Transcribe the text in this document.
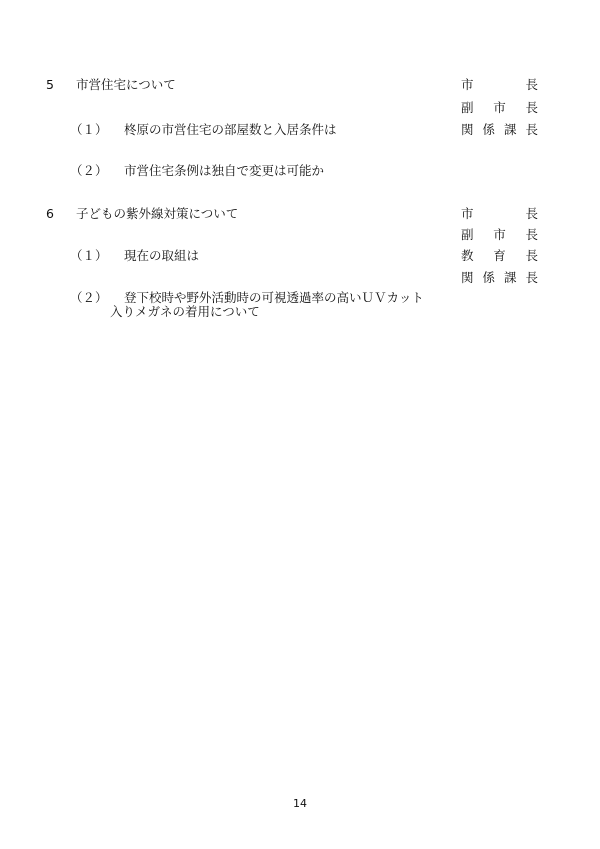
5 市営住宅について	市	長
副 市 長
関 係 課 長

（１） 柊原の市営住宅の部屋数と入居条件は

（２） 市営住宅条例は独自で変更は可能か

6 子どもの紫外線対策について	市	長
副 市 長
教 育 長
関 係 課 長

（１） 現在の取組は

（２） 登下校時や野外活動時の可視透過率の高いＵＶカット

入りメガネの着用について

14
